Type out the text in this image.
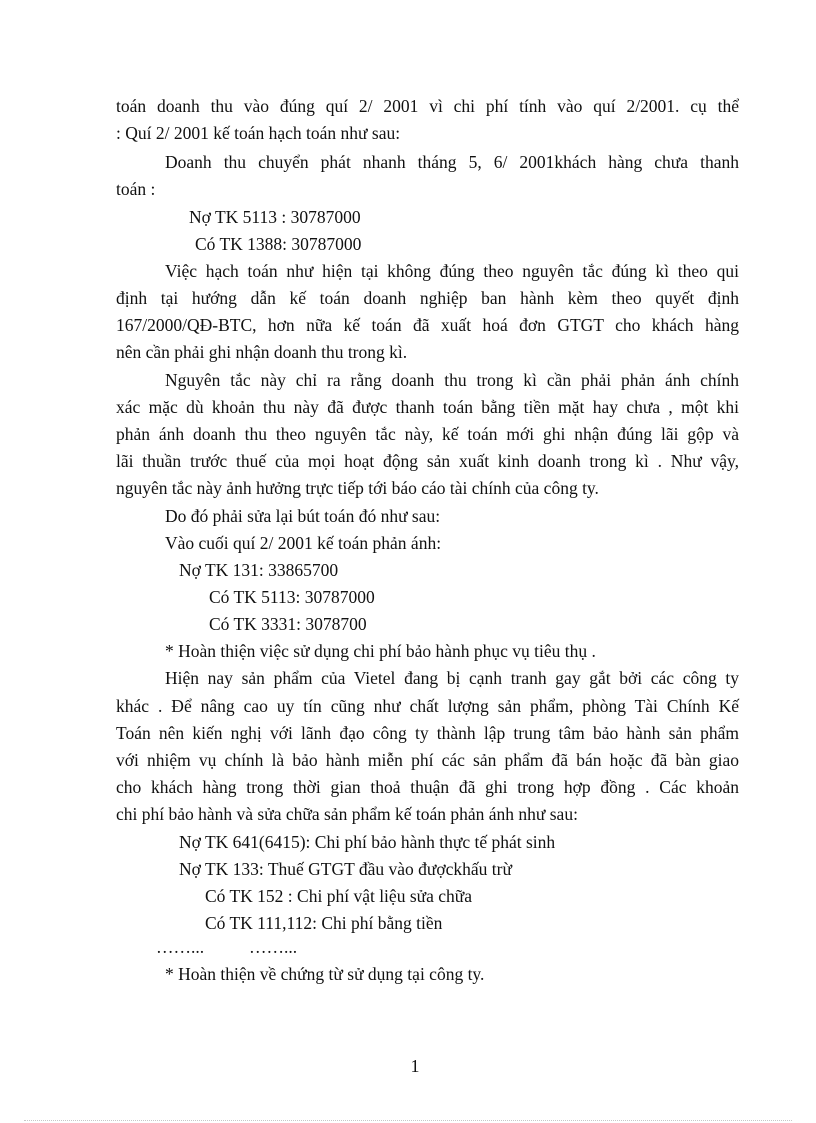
toán doanh thu vào đúng quí 2/ 2001 vì chi phí tính vào quí 2/2001. cụ thể
: Quí 2/ 2001 kế toán hạch toán như sau:
Doanh thu chuyển phát nhanh tháng 5, 6/ 2001khách hàng chưa thanh
toán :
Nợ TK 5113 : 30787000
Có TK 1388: 30787000
Việc hạch toán như hiện tại không đúng theo nguyên tắc đúng kì theo qui
định tại hướng dẫn kế toán doanh nghiệp ban hành kèm theo quyết định
167/2000/QĐ-BTC, hơn nữa kế toán đã xuất hoá đơn GTGT cho khách hàng
nên cần phải ghi nhận doanh thu trong kì.
Nguyên tắc này chỉ ra rằng doanh thu trong kì cần phải phản ánh chính
xác mặc dù khoản thu này đã được thanh toán bằng tiền mặt hay chưa , một khi
phản ánh doanh thu theo nguyên tắc này, kế toán mới ghi nhận đúng lãi gộp và
lãi thuần trước thuế của mọi hoạt động sản xuất kinh doanh trong kì . Như vậy,
nguyên tắc này ảnh hưởng trực tiếp tới báo cáo tài chính của công ty.
Do đó phải sửa lại bút toán đó như sau:
Vào cuối quí 2/ 2001 kế toán phản ánh:
Nợ TK 131: 33865700
Có TK 5113: 30787000
Có TK 3331: 3078700
* Hoàn thiện việc sử dụng chi phí bảo hành phục vụ tiêu thụ .
Hiện nay sản phẩm của Vietel đang bị cạnh tranh gay gắt bởi các công ty
khác . Để nâng cao uy tín cũng như chất lượng sản phẩm, phòng Tài Chính Kế
Toán nên kiến nghị với lãnh đạo công ty thành lập trung tâm bảo hành sản phẩm
với nhiệm vụ chính là bảo hành miễn phí các sản phẩm đã bán hoặc đã bàn giao
cho khách hàng trong thời gian thoả thuận đã ghi trong hợp đồng . Các khoản
chi phí bảo hành và sửa chữa sản phẩm kế toán phản ánh như sau:
Nợ TK 641(6415): Chi phí bảo hành thực tế phát sinh
Nợ TK 133: Thuế GTGT đầu vào đượckhấu trừ
Có TK 152 : Chi phí vật liệu sửa chữa
Có TK 111,112: Chi phí bằng tiền
……...	……...
* Hoàn thiện về chứng từ sử dụng tại công ty.
1
